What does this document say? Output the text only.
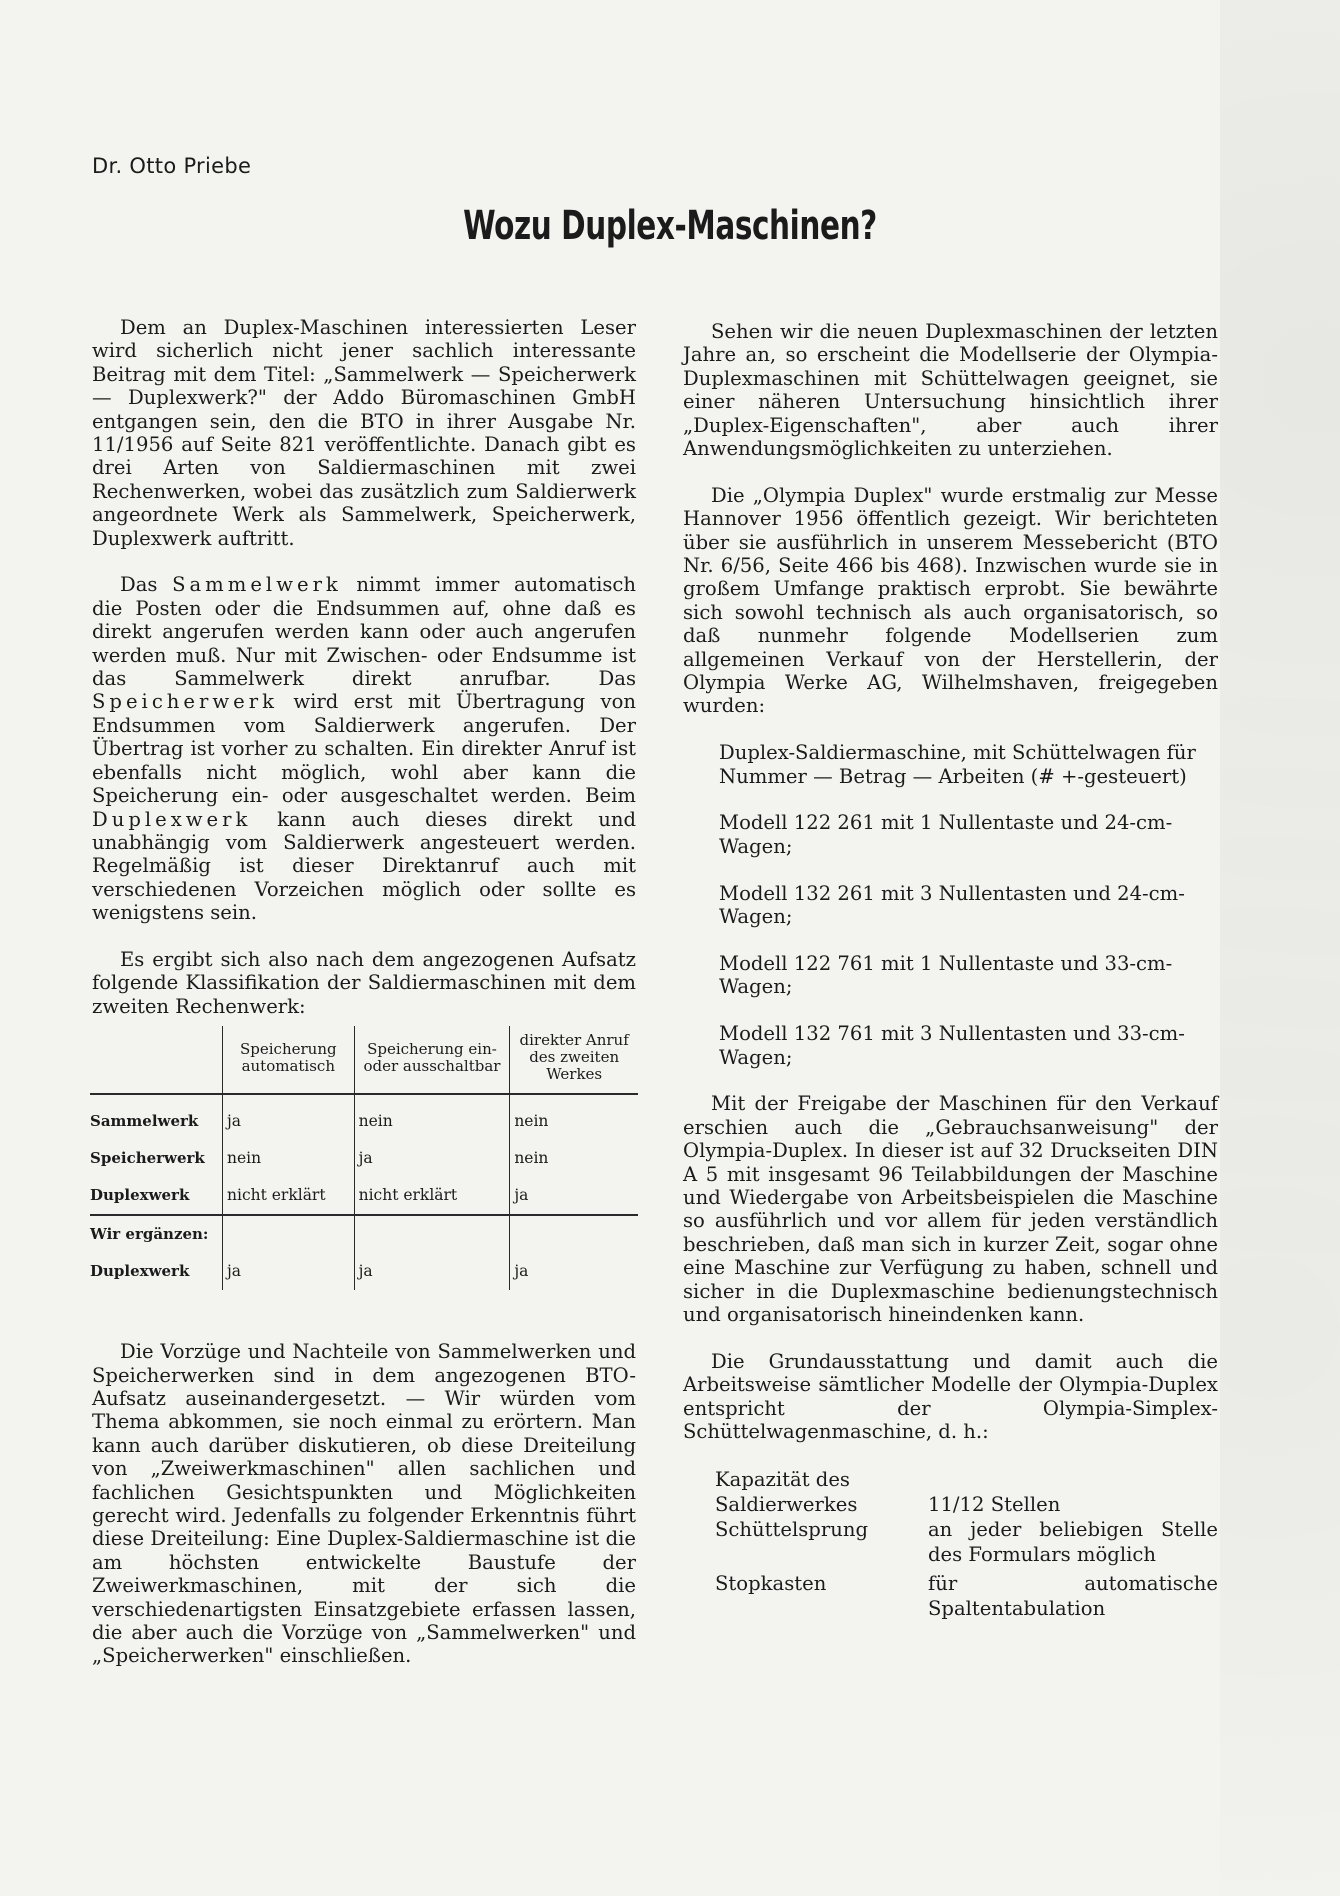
Dr. Otto Priebe
Wozu Duplex-Maschinen?

Dem an Duplex-Maschinen interessierten Leser wird sicherlich nicht jener sachlich interessante Beitrag mit dem Titel: „Sammelwerk — Speicherwerk — Duplexwerk?" der Addo Büromaschinen GmbH entgangen sein, den die BTO in ihrer Ausgabe Nr. 11/1956 auf Seite 821 veröffentlichte. Danach gibt es drei Arten von Saldiermaschinen mit zwei Rechenwerken, wobei das zusätzlich zum Saldierwerk angeordnete Werk als Sammelwerk, Speicherwerk, Duplexwerk auftritt.

Das Sammelwerk nimmt immer automatisch die Posten oder die Endsummen auf, ohne daß es direkt angerufen werden kann oder auch angerufen werden muß. Nur mit Zwischen- oder Endsumme ist das Sammelwerk direkt anrufbar. Das Speicherwerk wird erst mit Übertragung von Endsummen vom Saldierwerk angerufen. Der Übertrag ist vorher zu schalten. Ein direkter Anruf ist ebenfalls nicht möglich, wohl aber kann die Speicherung ein- oder ausgeschaltet werden. Beim Duplexwerk kann auch dieses direkt und unabhängig vom Saldierwerk angesteuert werden. Regelmäßig ist dieser Direktanruf auch mit verschiedenen Vorzeichen möglich oder sollte es wenigstens sein.

Es ergibt sich also nach dem angezogenen Aufsatz folgende Klassifikation der Saldiermaschinen mit dem zweiten Rechenwerk:

	Speicherung automatisch	Speicherung ein- oder ausschaltbar	direkter Anruf des zweiten Werkes
Sammelwerk	ja	nein	nein
Speicherwerk	nein	ja	nein
Duplexwerk	nicht erklärt	nicht erklärt	ja
Wir ergänzen:			
Duplexwerk	ja	ja	ja

Die Vorzüge und Nachteile von Sammelwerken und Speicherwerken sind in dem angezogenen BTO-Aufsatz auseinandergesetzt. — Wir würden vom Thema abkommen, sie noch einmal zu erörtern. Man kann auch darüber diskutieren, ob diese Dreiteilung von „Zweiwerkmaschinen" allen sachlichen und fachlichen Gesichtspunkten und Möglichkeiten gerecht wird. Jedenfalls zu folgender Erkenntnis führt diese Dreiteilung: Eine Duplex-Saldiermaschine ist die am höchsten entwickelte Baustufe der Zweiwerkmaschinen, mit der sich die verschiedenartigsten Einsatzgebiete erfassen lassen, die aber auch die Vorzüge von „Sammelwerken" und „Speicherwerken" einschließen.

Sehen wir die neuen Duplexmaschinen der letzten Jahre an, so erscheint die Modellserie der Olympia-Duplexmaschinen mit Schüttelwagen geeignet, sie einer näheren Untersuchung hinsichtlich ihrer „Duplex-Eigenschaften", aber auch ihrer Anwendungsmöglichkeiten zu unterziehen.

Die „Olympia Duplex" wurde erstmalig zur Messe Hannover 1956 öffentlich gezeigt. Wir berichteten über sie ausführlich in unserem Messebericht (BTO Nr. 6/56, Seite 466 bis 468). Inzwischen wurde sie in großem Umfange praktisch erprobt. Sie bewährte sich sowohl technisch als auch organisatorisch, so daß nunmehr folgende Modellserien zum allgemeinen Verkauf von der Herstellerin, der Olympia Werke AG, Wilhelmshaven, freigegeben wurden:

Duplex-Saldiermaschine, mit Schüttelwagen für Nummer — Betrag — Arbeiten (# +-gesteuert)

Modell 122 261 mit 1 Nullentaste und 24-cm-Wagen;

Modell 132 261 mit 3 Nullentasten und 24-cm-Wagen;

Modell 122 761 mit 1 Nullentaste und 33-cm-Wagen;

Modell 132 761 mit 3 Nullentasten und 33-cm-Wagen;

Mit der Freigabe der Maschinen für den Verkauf erschien auch die „Gebrauchsanweisung" der Olympia-Duplex. In dieser ist auf 32 Druckseiten DIN A 5 mit insgesamt 96 Teilabbildungen der Maschine und Wiedergabe von Arbeitsbeispielen die Maschine so ausführlich und vor allem für jeden verständlich beschrieben, daß man sich in kurzer Zeit, sogar ohne eine Maschine zur Verfügung zu haben, schnell und sicher in die Duplexmaschine bedienungstechnisch und organisatorisch hineindenken kann.

Die Grundausstattung und damit auch die Arbeitsweise sämtlicher Modelle der Olympia-Duplex entspricht der Olympia-Simplex-Schüttelwagenmaschine, d. h.:

Kapazität des
Saldierwerkes	11/12 Stellen
Schüttelsprung	an jeder beliebigen Stelle des Formulars möglich
Stopkasten	für automatische Spaltentabulation
